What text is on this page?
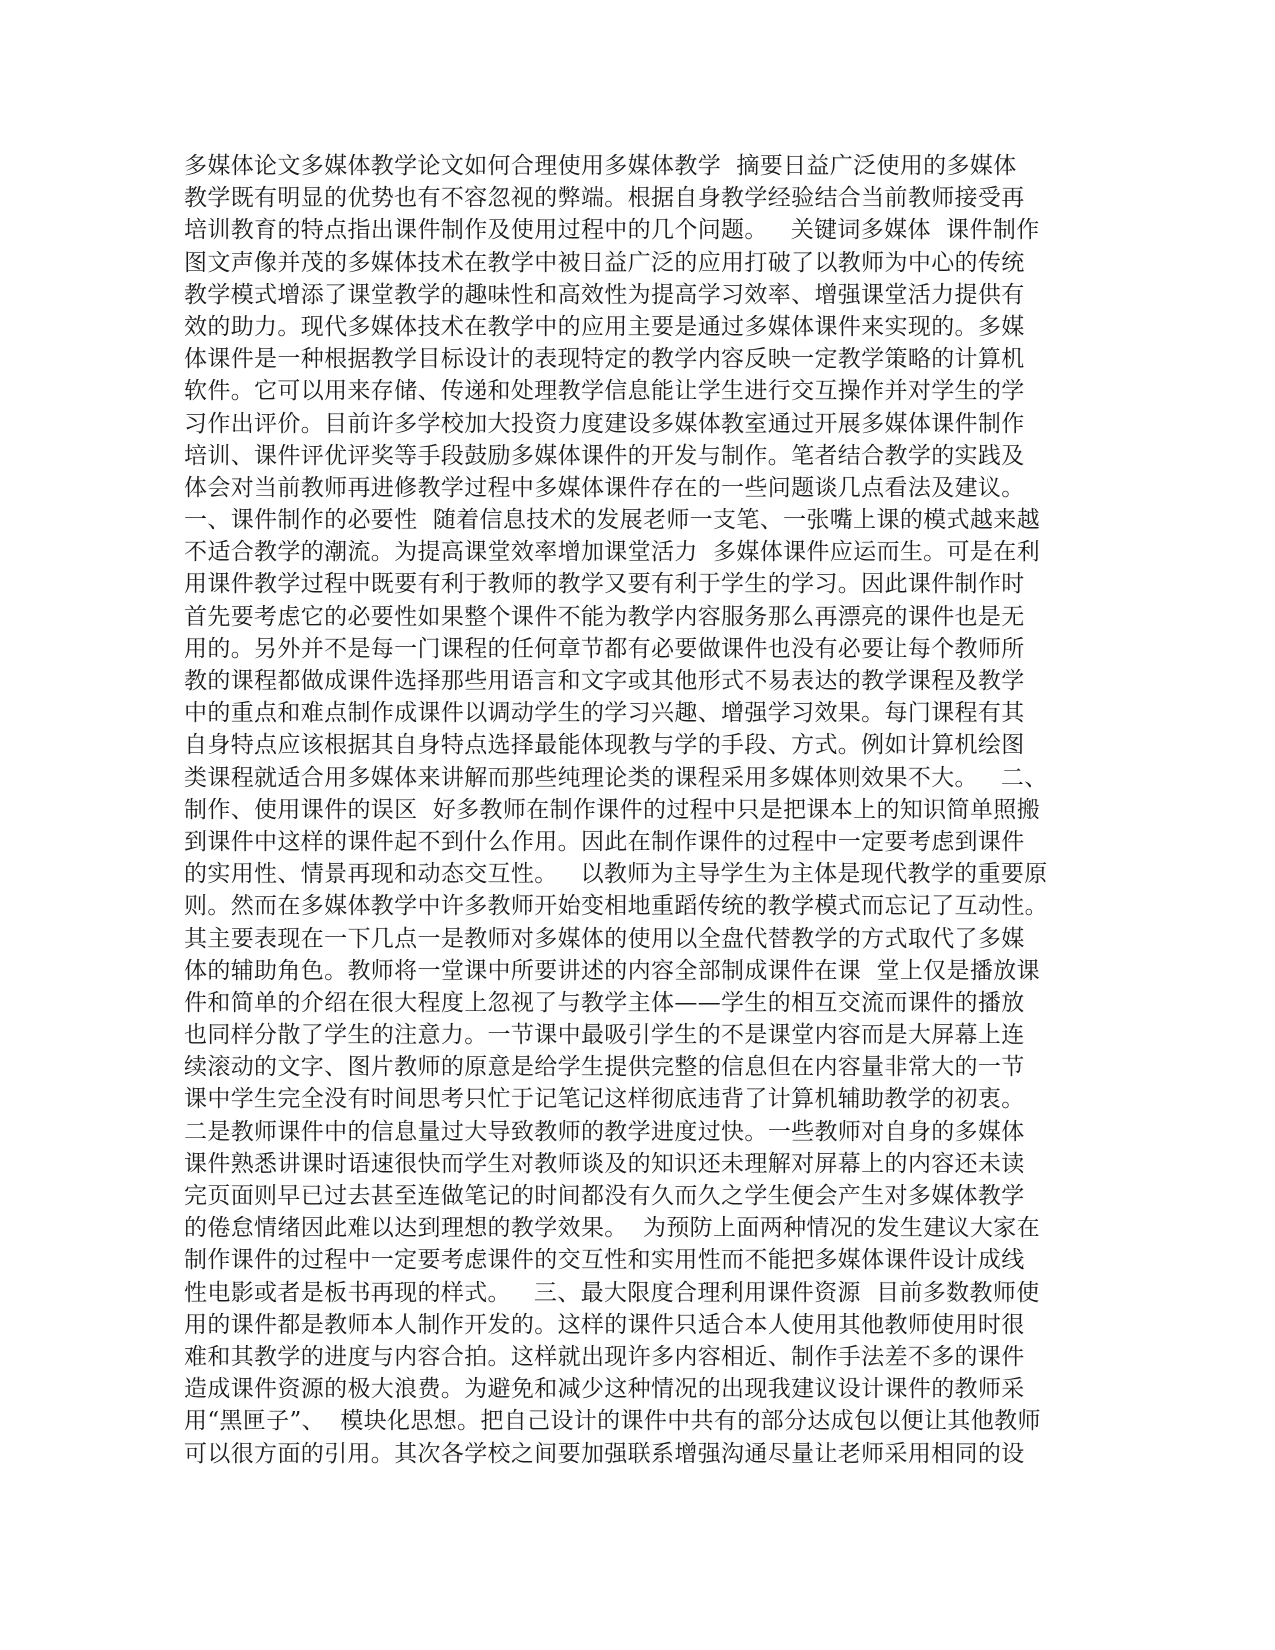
多媒体论文多媒体教学论文如何合理使用多媒体教学  摘要日益广泛使用的多媒体
教学既有明显的优势也有不容忽视的弊端。根据自身教学经验结合当前教师接受再
培训教育的特点指出课件制作及使用过程中的几个问题。   关键词多媒体  课件制作
图文声像并茂的多媒体技术在教学中被日益广泛的应用打破了以教师为中心的传统
教学模式增添了课堂教学的趣味性和高效性为提高学习效率、增强课堂活力提供有
效的助力。现代多媒体技术在教学中的应用主要是通过多媒体课件来实现的。多媒
体课件是一种根据教学目标设计的表现特定的教学内容反映一定教学策略的计算机
软件。它可以用来存储、传递和处理教学信息能让学生进行交互操作并对学生的学
习作出评价。目前许多学校加大投资力度建设多媒体教室通过开展多媒体课件制作
培训、课件评优评奖等手段鼓励多媒体课件的开发与制作。笔者结合教学的实践及
体会对当前教师再进修教学过程中多媒体课件存在的一些问题谈几点看法及建议。
一、课件制作的必要性  随着信息技术的发展老师一支笔、一张嘴上课的模式越来越
不适合教学的潮流。为提高课堂效率增加课堂活力  多媒体课件应运而生。可是在利
用课件教学过程中既要有利于教师的教学又要有利于学生的学习。因此课件制作时
首先要考虑它的必要性如果整个课件不能为教学内容服务那么再漂亮的课件也是无
用的。另外并不是每一门课程的任何章节都有必要做课件也没有必要让每个教师所
教的课程都做成课件选择那些用语言和文字或其他形式不易表达的教学课程及教学
中的重点和难点制作成课件以调动学生的学习兴趣、增强学习效果。每门课程有其
自身特点应该根据其自身特点选择最能体现教与学的手段、方式。例如计算机绘图
类课程就适合用多媒体来讲解而那些纯理论类的课程采用多媒体则效果不大。   二、
制作、使用课件的误区  好多教师在制作课件的过程中只是把课本上的知识简单照搬
到课件中这样的课件起不到什么作用。因此在制作课件的过程中一定要考虑到课件
的实用性、情景再现和动态交互性。   以教师为主导学生为主体是现代教学的重要原
则。然而在多媒体教学中许多教师开始变相地重蹈传统的教学模式而忘记了互动性。
其主要表现在一下几点一是教师对多媒体的使用以全盘代替教学的方式取代了多媒
体的辅助角色。教师将一堂课中所要讲述的内容全部制成课件在课  堂上仅是播放课
件和简单的介绍在很大程度上忽视了与教学主体——学生的相互交流而课件的播放
也同样分散了学生的注意力。一节课中最吸引学生的不是课堂内容而是大屏幕上连
续滚动的文字、图片教师的原意是给学生提供完整的信息但在内容量非常大的一节
课中学生完全没有时间思考只忙于记笔记这样彻底违背了计算机辅助教学的初衷。
二是教师课件中的信息量过大导致教师的教学进度过快。一些教师对自身的多媒体
课件熟悉讲课时语速很快而学生对教师谈及的知识还未理解对屏幕上的内容还未读
完页面则早已过去甚至连做笔记的时间都没有久而久之学生便会产生对多媒体教学
的倦怠情绪因此难以达到理想的教学效果。  为预防上面两种情况的发生建议大家在
制作课件的过程中一定要考虑课件的交互性和实用性而不能把多媒体课件设计成线
性电影或者是板书再现的样式。   三、最大限度合理利用课件资源  目前多数教师使
用的课件都是教师本人制作开发的。这样的课件只适合本人使用其他教师使用时很
难和其教学的进度与内容合拍。这样就出现许多内容相近、制作手法差不多的课件
造成课件资源的极大浪费。为避免和减少这种情况的出现我建议设计课件的教师采
用“黑匣子”、  模块化思想。把自己设计的课件中共有的部分达成包以便让其他教师
可以很方面的引用。其次各学校之间要加强联系增强沟通尽量让老师采用相同的设
